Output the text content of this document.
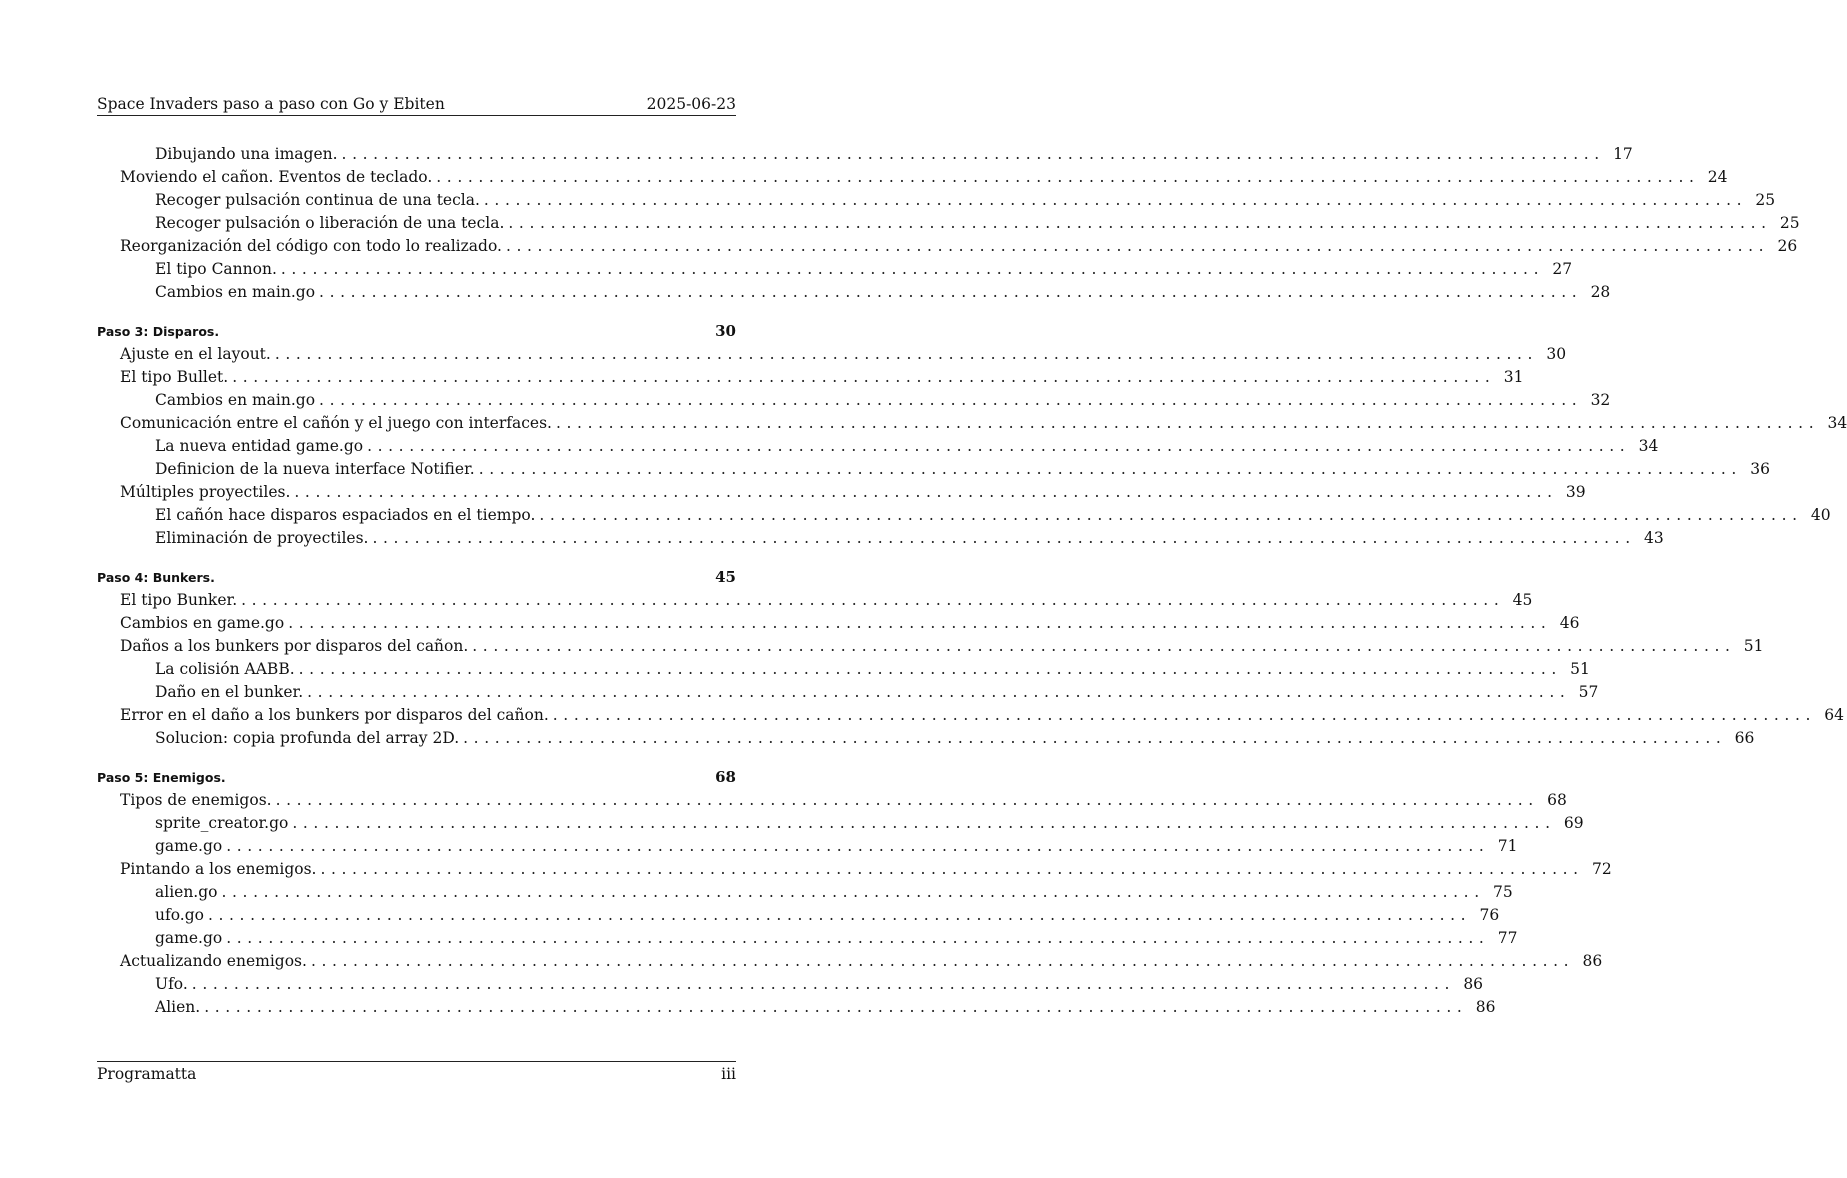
Space Invaders paso a paso con Go y Ebiten	2025-06-23
Dibujando una imagen. ........................................................................................................................ 17
Moviendo el cañon. Eventos de teclado. ........................................................................................................................ 24
Recoger pulsación continua de una tecla. ........................................................................................................................ 25
Recoger pulsación o liberación de una tecla. ........................................................................................................................ 25
Reorganización del código con todo lo realizado. ........................................................................................................................ 26
El tipo Cannon. ........................................................................................................................ 27
Cambios en main.go ........................................................................................................................ 28
Paso 3: Disparos.	30
Ajuste en el layout. ........................................................................................................................ 30
El tipo Bullet. ........................................................................................................................ 31
Cambios en main.go ........................................................................................................................ 32
Comunicación entre el cañón y el juego con interfaces. ........................................................................................................................ 34
La nueva entidad game.go ........................................................................................................................ 34
Definicion de la nueva interface Notifier. ........................................................................................................................ 36
Múltiples proyectiles. ........................................................................................................................ 39
El cañón hace disparos espaciados en el tiempo. ........................................................................................................................ 40
Eliminación de proyectiles. ........................................................................................................................ 43
Paso 4: Bunkers.	45
El tipo Bunker. ........................................................................................................................ 45
Cambios en game.go ........................................................................................................................ 46
Daños a los bunkers por disparos del cañon. ........................................................................................................................ 51
La colisión AABB. ........................................................................................................................ 51
Daño en el bunker. ........................................................................................................................ 57
Error en el daño a los bunkers por disparos del cañon. ........................................................................................................................ 64
Solucion: copia profunda del array 2D. ........................................................................................................................ 66
Paso 5: Enemigos.	68
Tipos de enemigos. ........................................................................................................................ 68
sprite_creator.go ........................................................................................................................ 69
game.go ........................................................................................................................ 71
Pintando a los enemigos. ........................................................................................................................ 72
alien.go ........................................................................................................................ 75
ufo.go ........................................................................................................................ 76
game.go ........................................................................................................................ 77
Actualizando enemigos. ........................................................................................................................ 86
Ufo. ........................................................................................................................ 86
Alien. ........................................................................................................................ 86
Programatta	iii
